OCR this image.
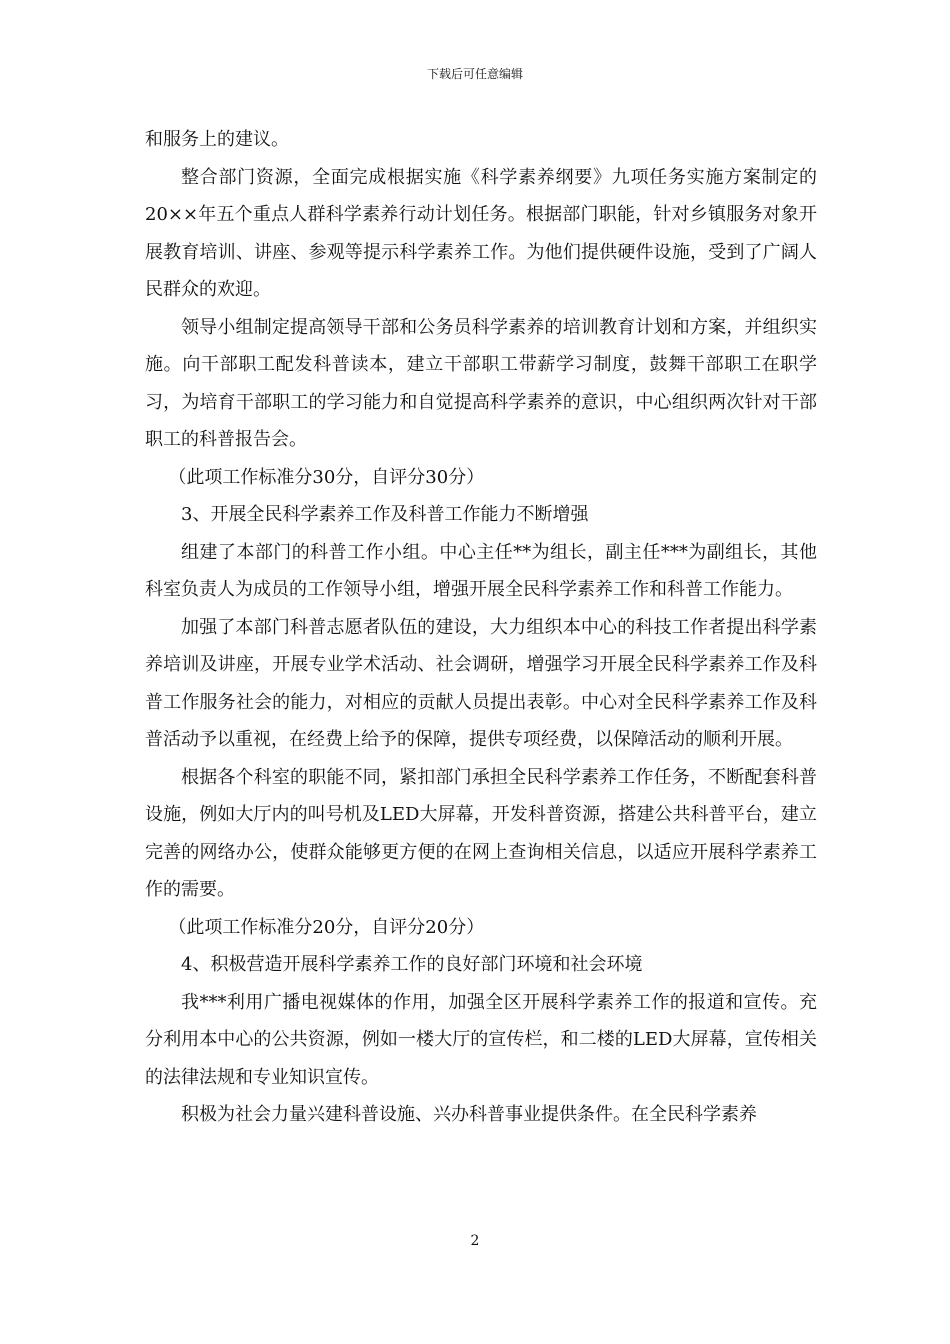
下载后可任意编辑

和服务上的建议。

整合部门资源，全面完成根据实施《科学素养纲要》九项任务实施方案制定的20××年五个重点人群科学素养行动计划任务。根据部门职能，针对乡镇服务对象开展教育培训、讲座、参观等提示科学素养工作。为他们提供硬件设施，受到了广阔人民群众的欢迎。

领导小组制定提高领导干部和公务员科学素养的培训教育计划和方案，并组织实施。向干部职工配发科普读本，建立干部职工带薪学习制度，鼓舞干部职工在职学习，为培育干部职工的学习能力和自觉提高科学素养的意识，中心组织两次针对干部职工的科普报告会。

（此项工作标准分30分，自评分30分）

3、开展全民科学素养工作及科普工作能力不断增强

组建了本部门的科普工作小组。中心主任**为组长，副主任***为副组长，其他科室负责人为成员的工作领导小组，增强开展全民科学素养工作和科普工作能力。

加强了本部门科普志愿者队伍的建设，大力组织本中心的科技工作者提出科学素养培训及讲座，开展专业学术活动、社会调研，增强学习开展全民科学素养工作及科普工作服务社会的能力，对相应的贡献人员提出表彰。中心对全民科学素养工作及科普活动予以重视，在经费上给予的保障，提供专项经费，以保障活动的顺利开展。

根据各个科室的职能不同，紧扣部门承担全民科学素养工作任务，不断配套科普设施，例如大厅内的叫号机及LED大屏幕，开发科普资源，搭建公共科普平台，建立完善的网络办公，使群众能够更方便的在网上查询相关信息，以适应开展科学素养工作的需要。

（此项工作标准分20分，自评分20分）

4、积极营造开展科学素养工作的良好部门环境和社会环境

我***利用广播电视媒体的作用，加强全区开展科学素养工作的报道和宣传。充分利用本中心的公共资源，例如一楼大厅的宣传栏，和二楼的LED大屏幕，宣传相关的法律法规和专业知识宣传。

积极为社会力量兴建科普设施、兴办科普事业提供条件。在全民科学素养

2
